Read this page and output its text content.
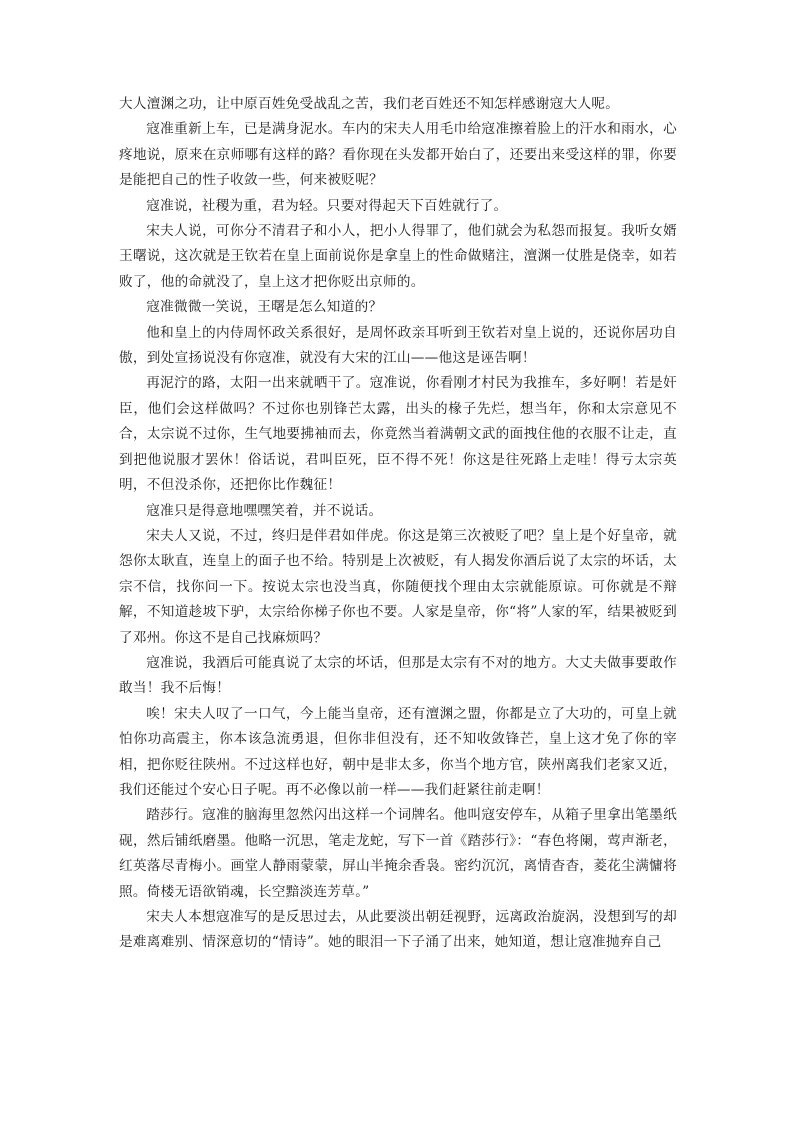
大人澶渊之功，让中原百姓免受战乱之苦，我们老百姓还不知怎样感谢寇大人呢。

寇准重新上车，已是满身泥水。车内的宋夫人用毛巾给寇准擦着脸上的汗水和雨水，心疼地说，原来在京师哪有这样的路？看你现在头发都开始白了，还要出来受这样的罪，你要是能把自己的性子收敛一些，何来被贬呢？

寇准说，社稷为重，君为轻。只要对得起天下百姓就行了。

宋夫人说，可你分不清君子和小人，把小人得罪了，他们就会为私怨而报复。我听女婿王曙说，这次就是王钦若在皇上面前说你是拿皇上的性命做赌注，澶渊一仗胜是侥幸，如若败了，他的命就没了，皇上这才把你贬出京师的。

寇准微微一笑说，王曙是怎么知道的？

他和皇上的内侍周怀政关系很好，是周怀政亲耳听到王钦若对皇上说的，还说你居功自傲，到处宣扬说没有你寇准，就没有大宋的江山——他这是诬告啊！

再泥泞的路，太阳一出来就晒干了。寇准说，你看刚才村民为我推车，多好啊！若是奸臣，他们会这样做吗？不过你也别锋芒太露，出头的椽子先烂，想当年，你和太宗意见不合，太宗说不过你，生气地要拂袖而去，你竟然当着满朝文武的面拽住他的衣服不让走，直到把他说服才罢休！俗话说，君叫臣死，臣不得不死！你这是往死路上走哇！得亏太宗英明，不但没杀你，还把你比作魏征！

寇准只是得意地嘿嘿笑着，并不说话。

宋夫人又说，不过，终归是伴君如伴虎。你这是第三次被贬了吧？皇上是个好皇帝，就怨你太耿直，连皇上的面子也不给。特别是上次被贬，有人揭发你酒后说了太宗的坏话，太宗不信，找你问一下。按说太宗也没当真，你随便找个理由太宗就能原谅。可你就是不辩解，不知道趁坡下驴，太宗给你梯子你也不要。人家是皇帝，你“将”人家的军，结果被贬到了邓州。你这不是自己找麻烦吗？

寇准说，我酒后可能真说了太宗的坏话，但那是太宗有不对的地方。大丈夫做事要敢作敢当！我不后悔！

唉！宋夫人叹了一口气，今上能当皇帝，还有澶渊之盟，你都是立了大功的，可皇上就怕你功高震主，你本该急流勇退，但你非但没有，还不知收敛锋芒，皇上这才免了你的宰相，把你贬往陕州。不过这样也好，朝中是非太多，你当个地方官，陕州离我们老家又近，我们还能过个安心日子呢。再不必像以前一样——我们赶紧往前走啊！

踏莎行。寇准的脑海里忽然闪出这样一个词牌名。他叫寇安停车，从箱子里拿出笔墨纸砚，然后铺纸磨墨。他略一沉思，笔走龙蛇，写下一首《踏莎行》：“春色将阑，莺声渐老，红英落尽青梅小。画堂人静雨蒙蒙，屏山半掩余香袅。密约沉沉，离情杳杳，菱花尘满慵将照。倚楼无语欲销魂，长空黯淡连芳草。”

宋夫人本想寇准写的是反思过去，从此要淡出朝廷视野，远离政治旋涡，没想到写的却是难离难别、情深意切的“情诗”。她的眼泪一下子涌了出来，她知道，想让寇准抛弃自己
